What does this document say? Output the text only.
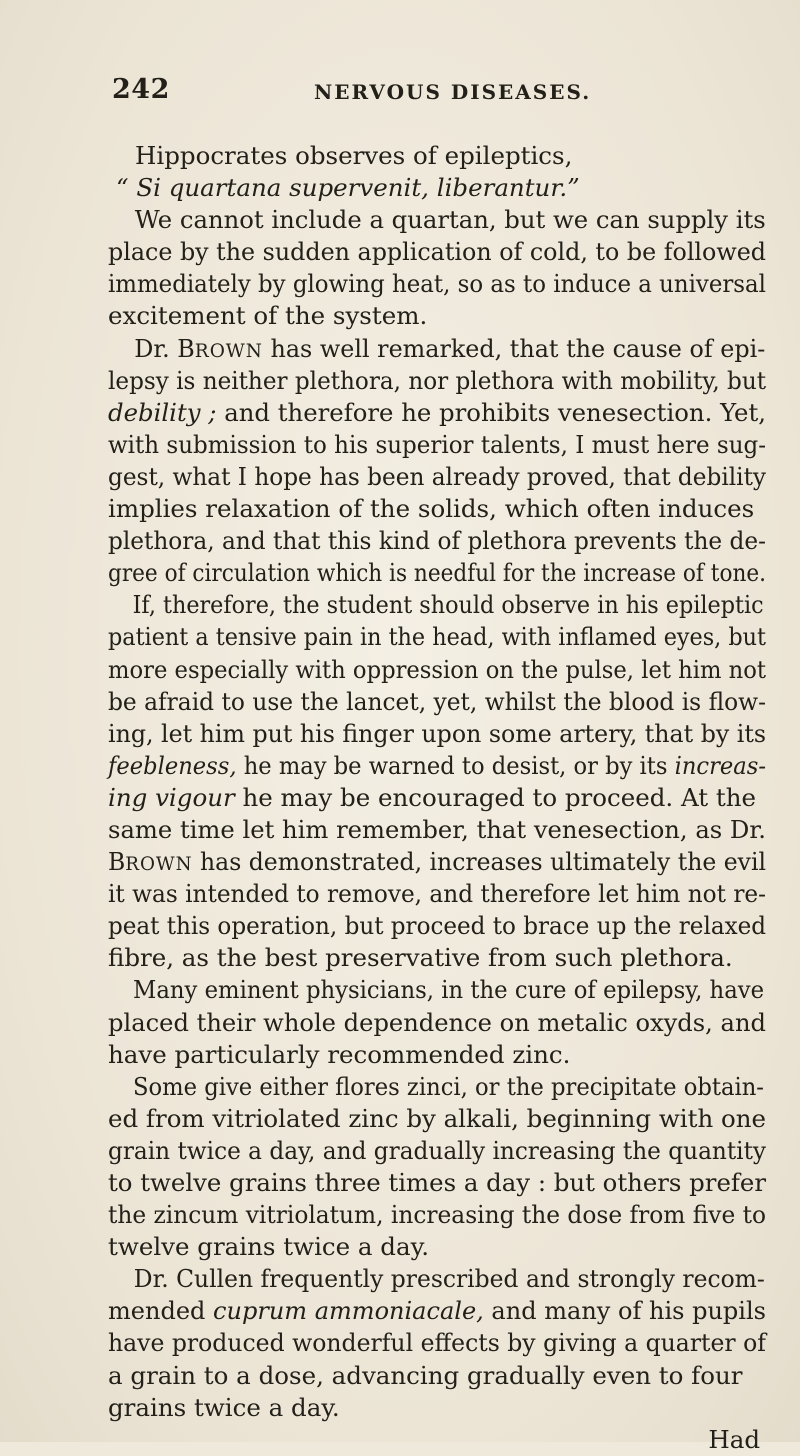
242	NERVOUS DISEASES.
Hippocrates observes of epileptics,
“ Si quartana supervenit, liberantur.”
We cannot include a quartan, but we can supply its
place by the sudden application of cold, to be followed
immediately by glowing heat, so as to induce a universal
excitement of the system.
Dr. BROWN has well remarked, that the cause of epi-
lepsy is neither plethora, nor plethora with mobility, but
debility ; and therefore he prohibits venesection. Yet,
with submission to his superior talents, I must here sug-
gest, what I hope has been already proved, that debility
implies relaxation of the solids, which often induces
plethora, and that this kind of plethora prevents the de-
gree of circulation which is needful for the increase of tone.
If, therefore, the student should observe in his epileptic
patient a tensive pain in the head, with inflamed eyes, but
more especially with oppression on the pulse, let him not
be afraid to use the lancet, yet, whilst the blood is flow-
ing, let him put his finger upon some artery, that by its
feebleness, he may be warned to desist, or by its increas-
ing vigour he may be encouraged to proceed. At the
same time let him remember, that venesection, as Dr.
BROWN has demonstrated, increases ultimately the evil
it was intended to remove, and therefore let him not re-
peat this operation, but proceed to brace up the relaxed
fibre, as the best preservative from such plethora.
Many eminent physicians, in the cure of epilepsy, have
placed their whole dependence on metalic oxyds, and
have particularly recommended zinc.
Some give either flores zinci, or the precipitate obtain-
ed from vitriolated zinc by alkali, beginning with one
grain twice a day, and gradually increasing the quantity
to twelve grains three times a day : but others prefer
the zincum vitriolatum, increasing the dose from five to
twelve grains twice a day.
Dr. Cullen frequently prescribed and strongly recom-
mended cuprum ammoniacale, and many of his pupils
have produced wonderful effects by giving a quarter of
a grain to a dose, advancing gradually even to four
grains twice a day.
Had
